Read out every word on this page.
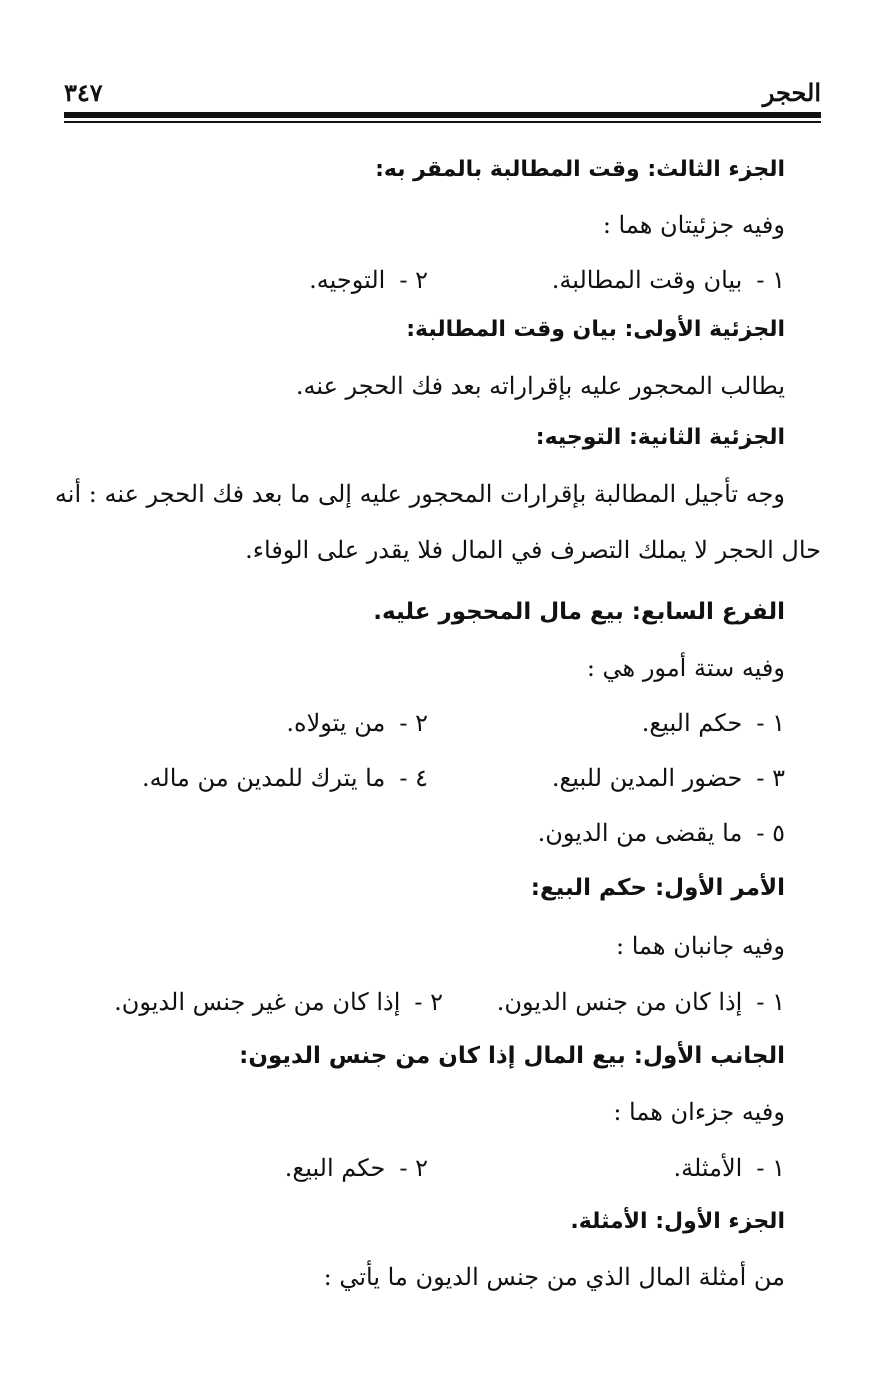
الحجر
٣٤٧
الجزء الثالث: وقت المطالبة بالمقر به:
وفيه جزئيتان هما :
١ -بيان وقت المطالبة.
٢ -التوجيه.
الجزئية الأولى: بيان وقت المطالبة:
يطالب المحجور عليه بإقراراته بعد فك الحجر عنه.
الجزئية الثانية: التوجيه:
وجه تأجيل المطالبة بإقرارات المحجور عليه إلى ما بعد فك الحجر عنه : أنه
حال الحجر لا يملك التصرف في المال فلا يقدر على الوفاء.
الفرع السابع: بيع مال المحجور عليه.
وفيه ستة أمور هي :
١ -حكم البيع.
٢ -من يتولاه.
٣ -حضور المدين للبيع.
٤ -ما يترك للمدين من ماله.
٥ -ما يقضى من الديون.
الأمر الأول: حكم البيع:
وفيه جانبان هما :
١ -إذا كان من جنس الديون.
٢ -إذا كان من غير جنس الديون.
الجانب الأول: بيع المال إذا كان من جنس الديون:
وفيه جزءان هما :
١ -الأمثلة.
٢ -حكم البيع.
الجزء الأول: الأمثلة.
من أمثلة المال الذي من جنس الديون ما يأتي :
